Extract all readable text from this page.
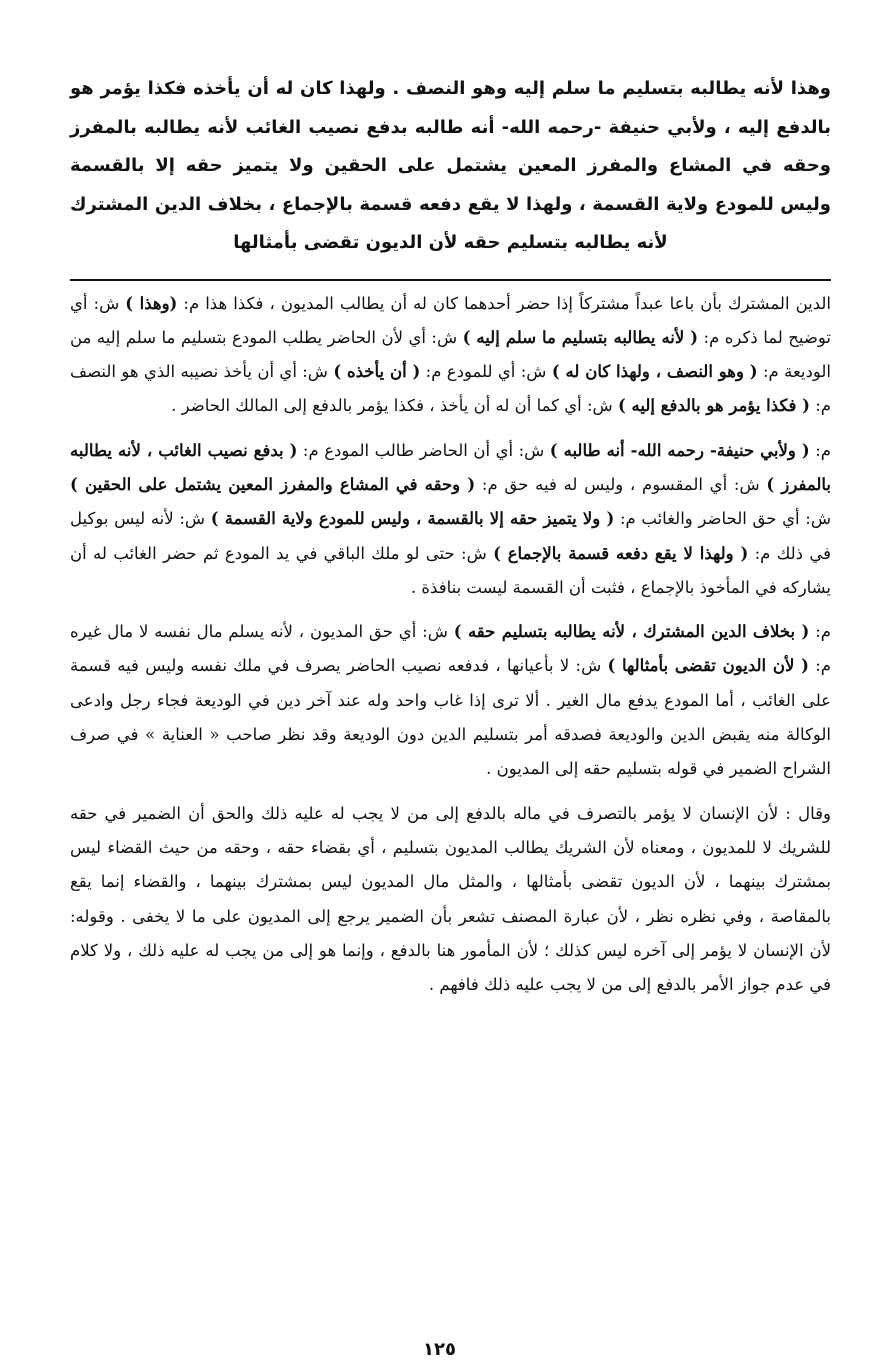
وهذا لأنه يطالبه بتسليم ما سلم إليه وهو النصف . ولهذا كان له أن يأخذه فكذا يؤمر هو بالدفع إليه ، ولأبي حنيفة -رحمه الله- أنه طالبه بدفع نصيب الغائب لأنه يطالبه بالمفرز وحقه في المشاع والمفرز المعين يشتمل على الحقين ولا يتميز حقه إلا بالقسمة وليس للمودع ولاية القسمة ، ولهذا لا يقع دفعه قسمة بالإجماع ، بخلاف الدين المشترك لأنه يطالبه بتسليم حقه لأن الديون تقضى بأمثالها

الدين المشترك بأن باعا عبداً مشتركاً إذا حضر أحدهما كان له أن يطالب المديون ، فكذا هذا م: (وهذا ) ش: أي توضيح لما ذكره م: ( لأنه يطالبه بتسليم ما سلم إليه ) ش: أي لأن الحاضر يطلب المودع بتسليم ما سلم إليه من الوديعة م: ( وهو النصف ، ولهذا كان له ) ش: أي للمودع م: ( أن يأخذه ) ش: أي أن يأخذ نصيبه الذي هو النصف م: ( فكذا يؤمر هو بالدفع إليه ) ش: أي كما أن له أن يأخذ ، فكذا يؤمر بالدفع إلى المالك الحاضر .

م: ( ولأبي حنيفة- رحمه الله- أنه طالبه ) ش: أي أن الحاضر طالب المودع م: ( بدفع نصيب الغائب ، لأنه يطالبه بالمفرز ) ش: أي المقسوم ، وليس له فيه حق م: ( وحقه في المشاع والمفرز المعين يشتمل على الحقين ) ش: أي حق الحاضر والغائب م: ( ولا يتميز حقه إلا بالقسمة ، وليس للمودع ولاية القسمة ) ش: لأنه ليس بوكيل في ذلك م: ( ولهذا لا يقع دفعه قسمة بالإجماع ) ش: حتى لو ملك الباقي في يد المودع ثم حضر الغائب له أن يشاركه في المأخوذ بالإجماع ، فثبت أن القسمة ليست بنافذة .

م: ( بخلاف الدين المشترك ، لأنه يطالبه بتسليم حقه ) ش: أي حق المديون ، لأنه يسلم مال نفسه لا مال غيره م: ( لأن الديون تقضى بأمثالها ) ش: لا بأعيانها ، فدفعه نصيب الحاضر يصرف في ملك نفسه وليس فيه قسمة على الغائب ، أما المودع يدفع مال الغير . ألا ترى إذا غاب واحد وله عند آخر دين في الوديعة فجاء رجل وادعى الوكالة منه يقبض الدين والوديعة فصدقه أمر بتسليم الدين دون الوديعة وقد نظر صاحب « العناية » في صرف الشراح الضمير في قوله بتسليم حقه إلى المديون .

وقال : لأن الإنسان لا يؤمر بالتصرف في ماله بالدفع إلى من لا يجب له عليه ذلك والحق أن الضمير في حقه للشريك لا للمديون ، ومعناه لأن الشريك يطالب المديون بتسليم ، أي بقضاء حقه ، وحقه من حيث القضاء ليس بمشترك بينهما ، لأن الديون تقضى بأمثالها ، والمثل مال المديون ليس بمشترك بينهما ، والقضاء إنما يقع بالمقاصة ، وفي نظره نظر ، لأن عبارة المصنف تشعر بأن الضمير يرجع إلى المديون على ما لا يخفى . وقوله: لأن الإنسان لا يؤمر إلى آخره ليس كذلك ؛ لأن المأمور هنا بالدفع ، وإنما هو إلى من يجب له عليه ذلك ، ولا كلام في عدم جواز الأمر بالدفع إلى من لا يجب عليه ذلك فافهم .

١٢٥
